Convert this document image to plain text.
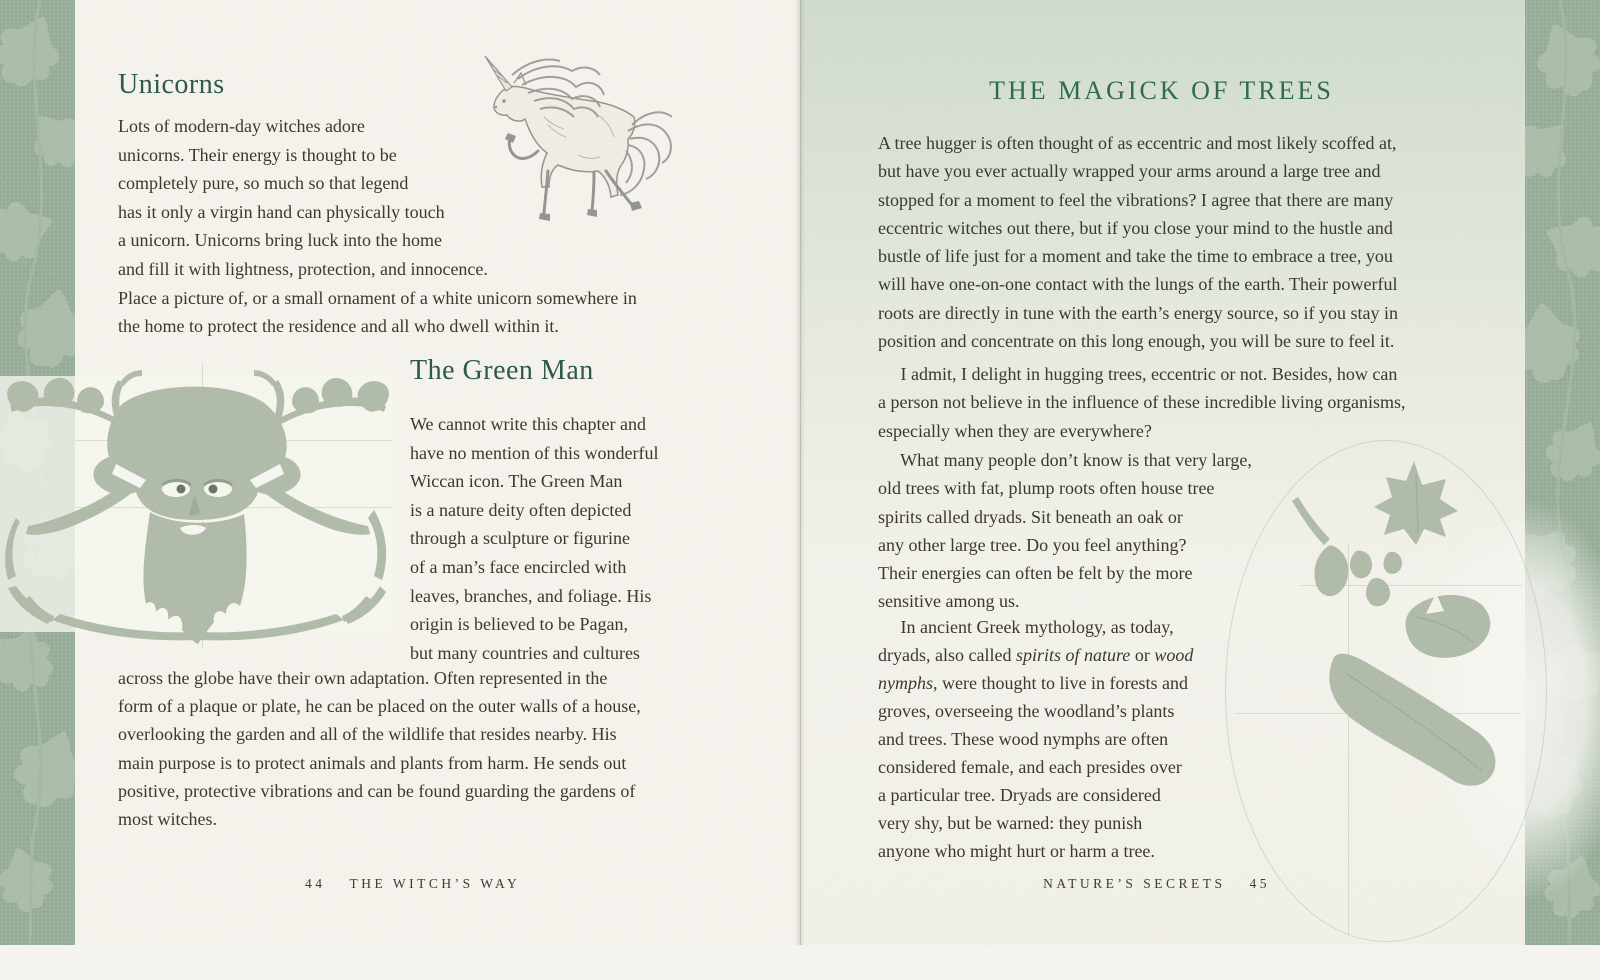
Unicorns
Lots of modern-day witches adore
unicorns. Their energy is thought to be
completely pure, so much so that legend
has it only a virgin hand can physically touch
a unicorn. Unicorns bring luck into the home
and fill it with lightness, protection, and innocence.
Place a picture of, or a small ornament of a white unicorn somewhere in
the home to protect the residence and all who dwell within it.
The Green Man
We cannot write this chapter and
have no mention of this wonderful
Wiccan icon. The Green Man
is a nature deity often depicted
through a sculpture or figurine
of a man’s face encircled with
leaves, branches, and foliage. His
origin is believed to be Pagan,
but many countries and cultures
across the globe have their own adaptation. Often represented in the
form of a plaque or plate, he can be placed on the outer walls of a house,
overlooking the garden and all of the wildlife that resides nearby. His
main purpose is to protect animals and plants from harm. He sends out
positive, protective vibrations and can be found guarding the gardens of
most witches.
44 THE WITCH’S WAY
THE MAGICK OF TREES
A tree hugger is often thought of as eccentric and most likely scoffed at,
but have you ever actually wrapped your arms around a large tree and
stopped for a moment to feel the vibrations? I agree that there are many
eccentric witches out there, but if you close your mind to the hustle and
bustle of life just for a moment and take the time to embrace a tree, you
will have one-on-one contact with the lungs of the earth. Their powerful
roots are directly in tune with the earth’s energy source, so if you stay in
position and concentrate on this long enough, you will be sure to feel it.
I admit, I delight in hugging trees, eccentric or not. Besides, how can
a person not believe in the influence of these incredible living organisms,
especially when they are everywhere?
What many people don’t know is that very large,
old trees with fat, plump roots often house tree
spirits called dryads. Sit beneath an oak or
any other large tree. Do you feel anything?
Their energies can often be felt by the more
sensitive among us.
In ancient Greek mythology, as today,
dryads, also called spirits of nature or wood
nymphs, were thought to live in forests and
groves, overseeing the woodland’s plants
and trees. These wood nymphs are often
considered female, and each presides over
a particular tree. Dryads are considered
very shy, but be warned: they punish
anyone who might hurt or harm a tree.
NATURE’S SECRETS 45
